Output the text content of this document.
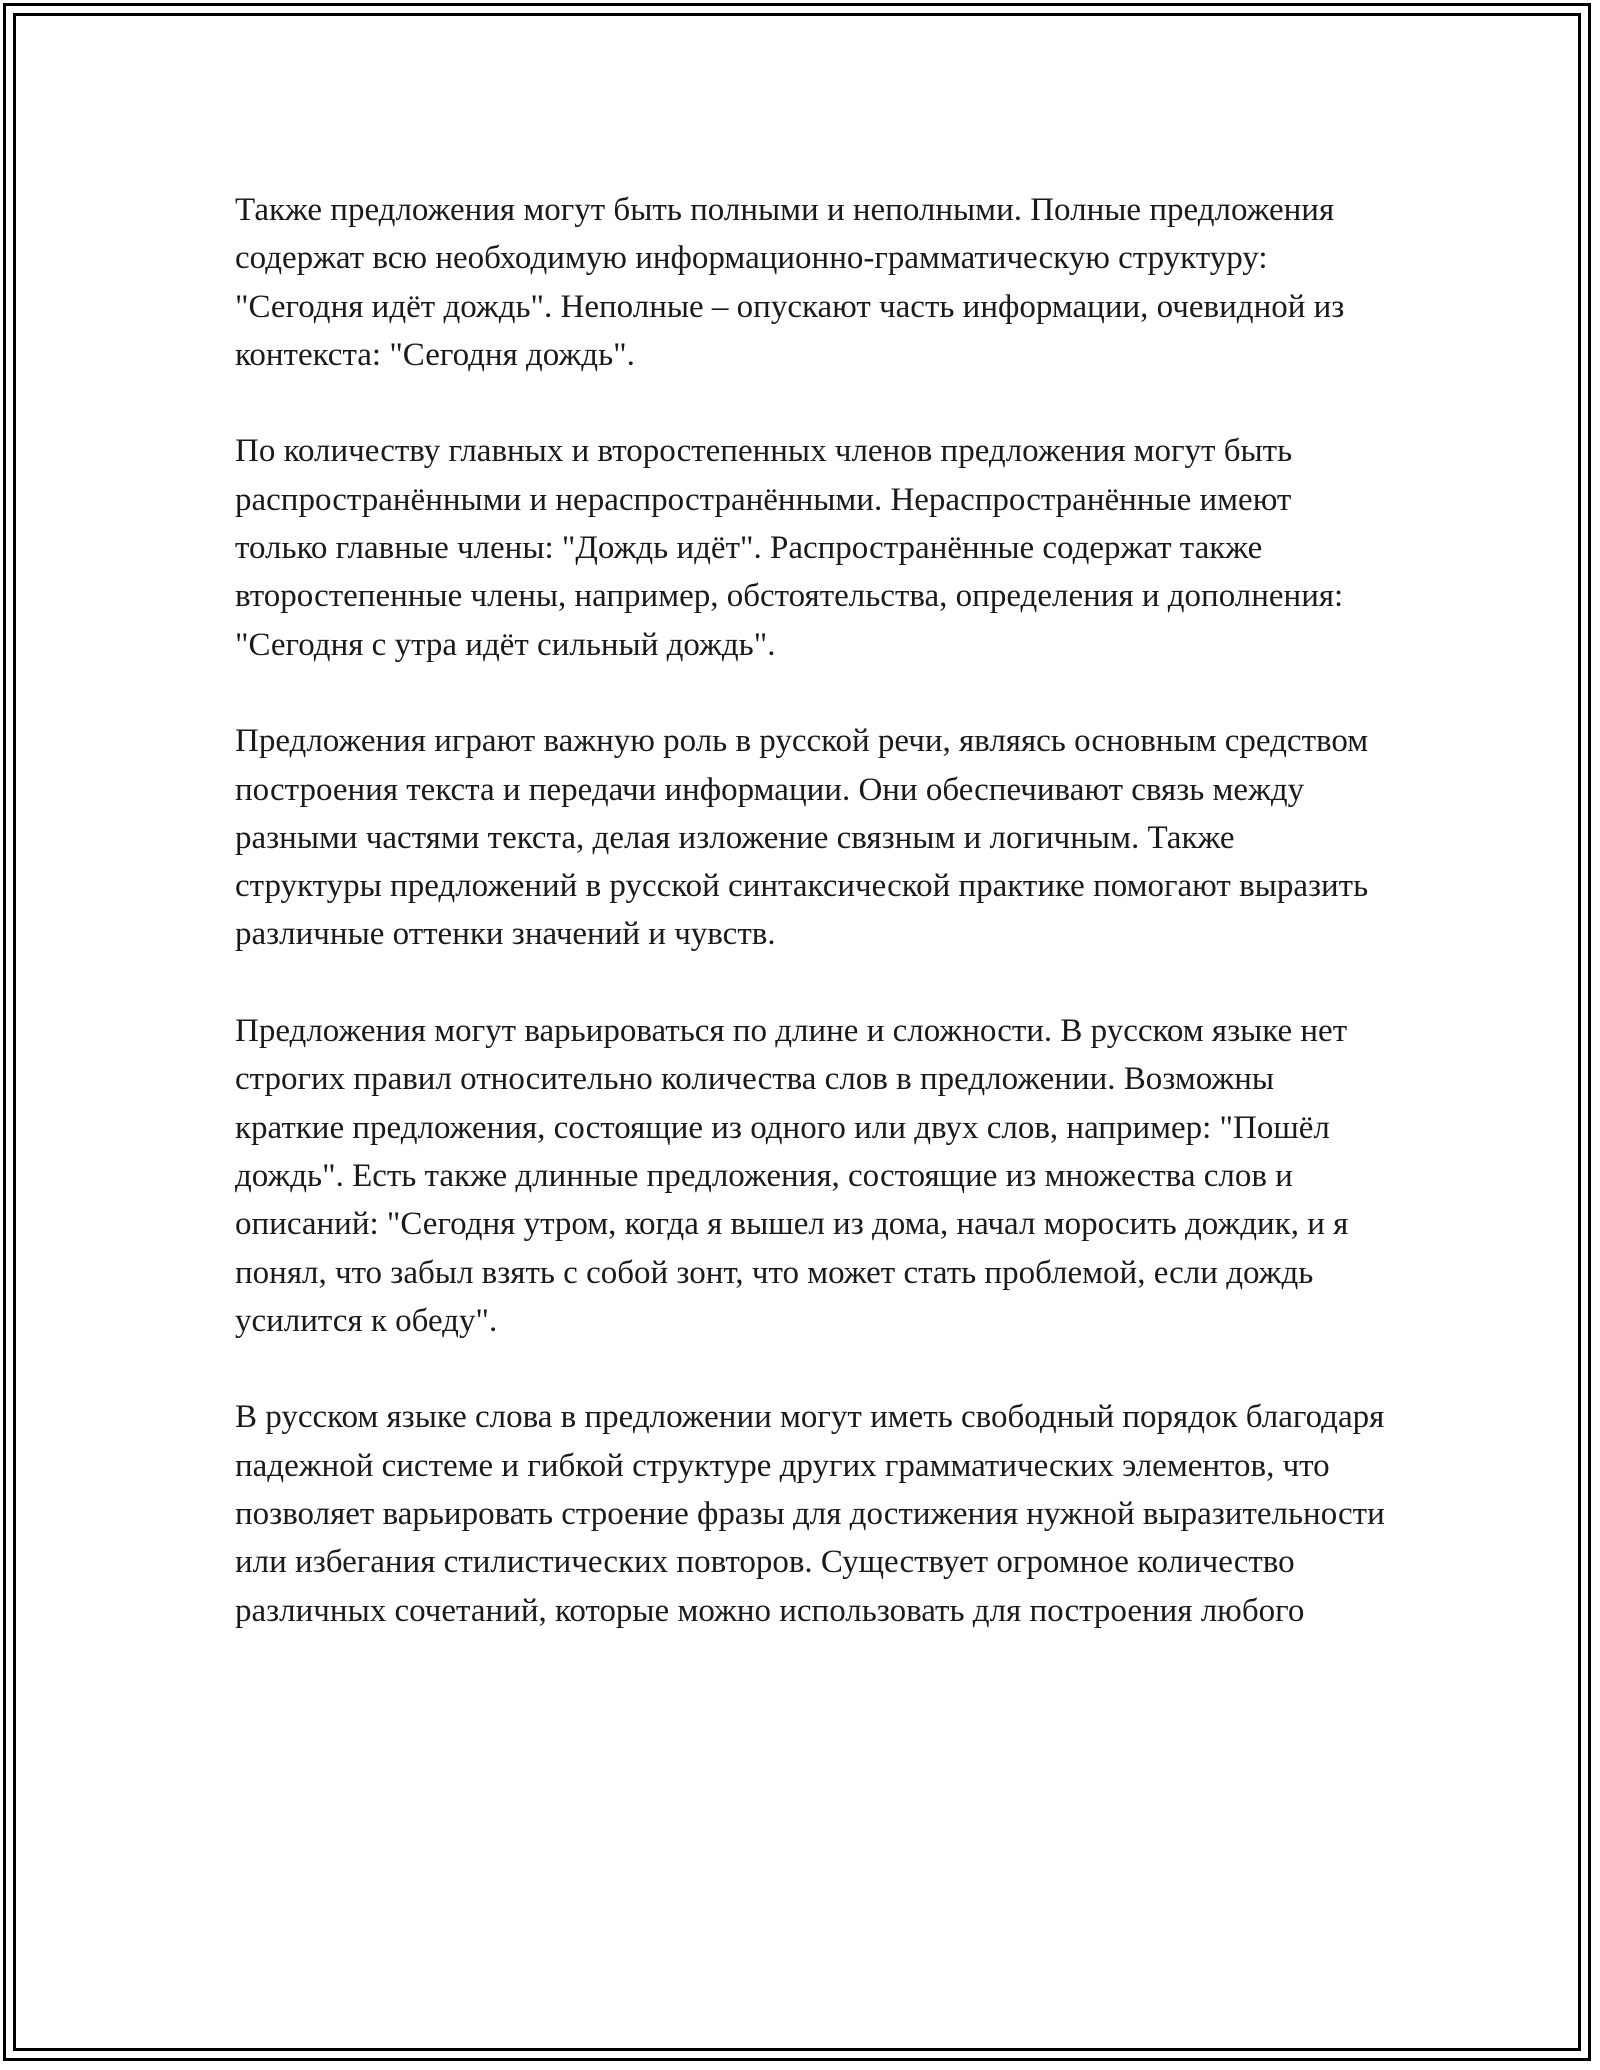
Также предложения могут быть полными и неполными. Полные предложения содержат всю необходимую информационно-грамматическую структуру: "Сегодня идёт дождь". Неполные – опускают часть информации, очевидной из контекста: "Сегодня дождь".

По количеству главных и второстепенных членов предложения могут быть распространёнными и нераспространёнными. Нераспространённые имеют только главные члены: "Дождь идёт". Распространённые содержат также второстепенные члены, например, обстоятельства, определения и дополнения: "Сегодня с утра идёт сильный дождь".

Предложения играют важную роль в русской речи, являясь основным средством построения текста и передачи информации. Они обеспечивают связь между разными частями текста, делая изложение связным и логичным. Также структуры предложений в русской синтаксической практике помогают выразить различные оттенки значений и чувств.

Предложения могут варьироваться по длине и сложности. В русском языке нет строгих правил относительно количества слов в предложении. Возможны краткие предложения, состоящие из одного или двух слов, например: "Пошёл дождь". Есть также длинные предложения, состоящие из множества слов и описаний: "Сегодня утром, когда я вышел из дома, начал моросить дождик, и я понял, что забыл взять с собой зонт, что может стать проблемой, если дождь усилится к обеду".

В русском языке слова в предложении могут иметь свободный порядок благодаря падежной системе и гибкой структуре других грамматических элементов, что позволяет варьировать строение фразы для достижения нужной выразительности или избегания стилистических повторов. Существует огромное количество различных сочетаний, которые можно использовать для построения любого
